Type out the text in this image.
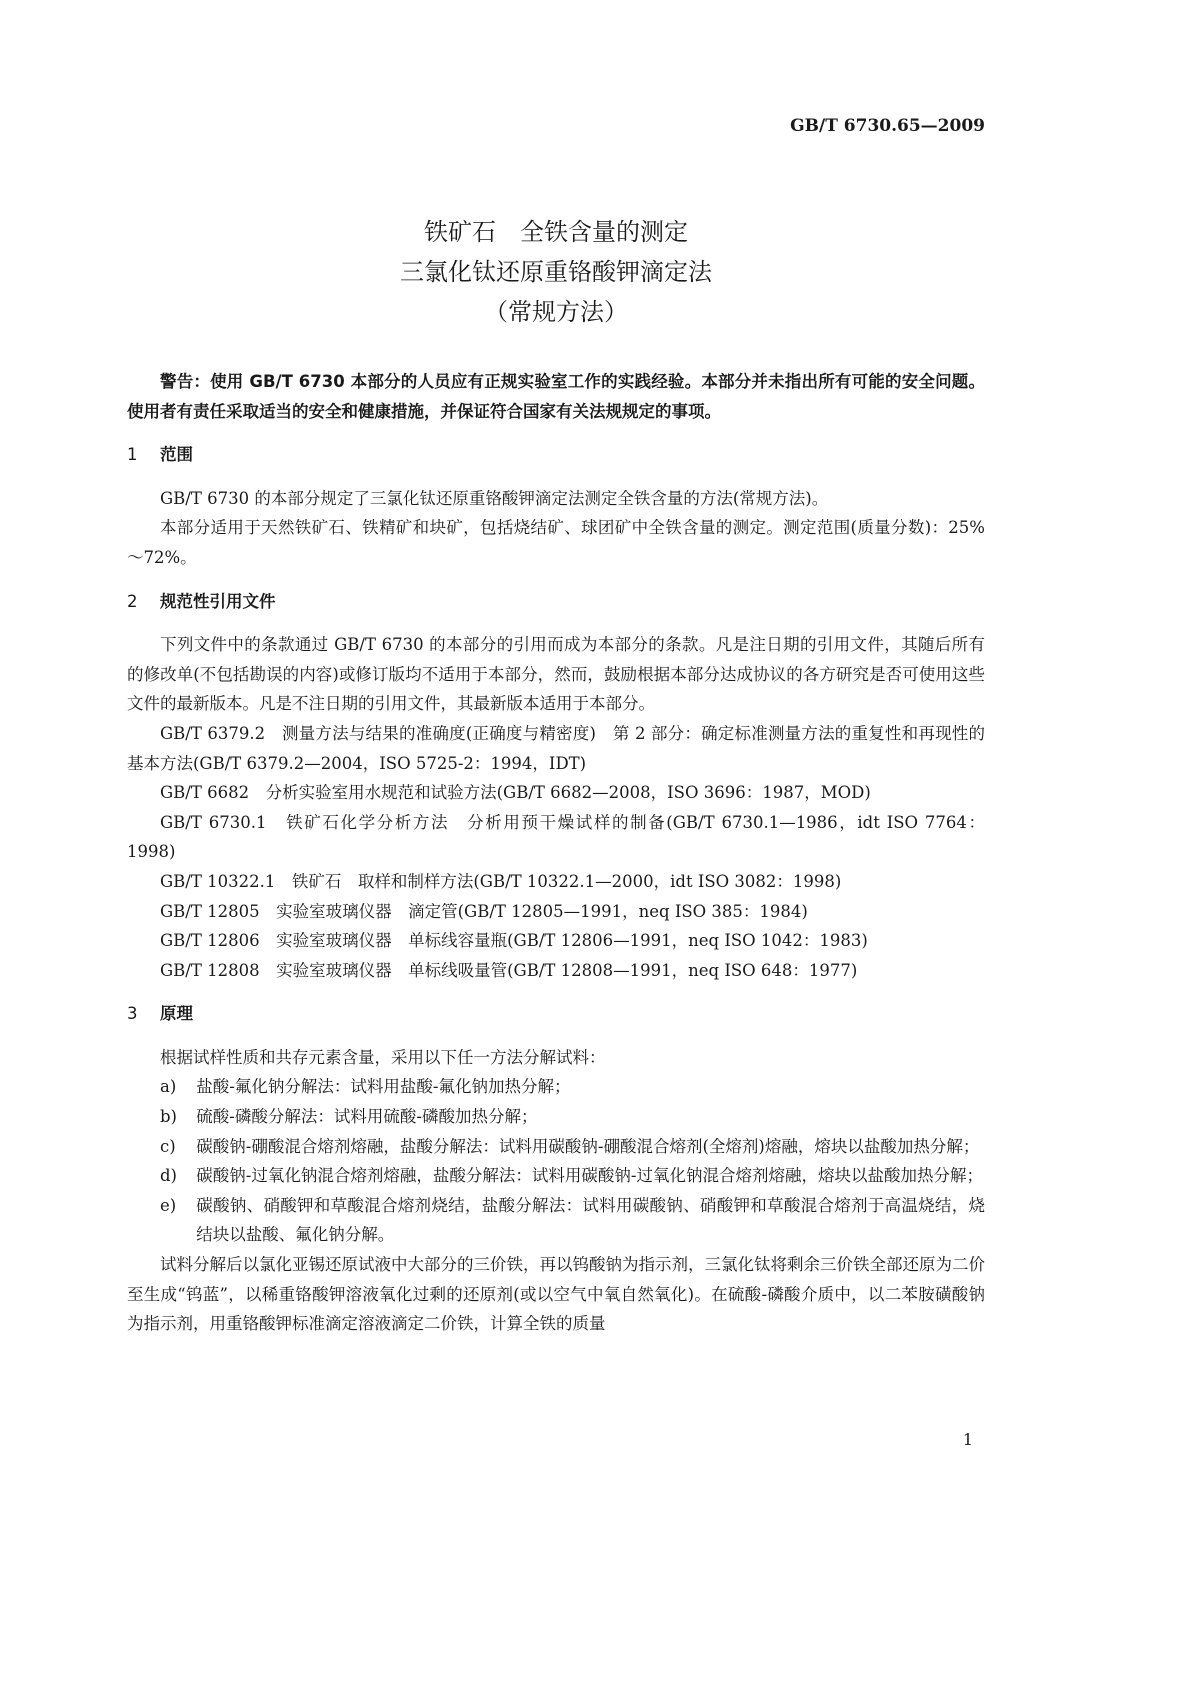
GB/T 6730.65—2009
铁矿石　全铁含量的测定
三氯化钛还原重铬酸钾滴定法
（常规方法）

警告：使用 GB/T 6730 本部分的人员应有正规实验室工作的实践经验。本部分并未指出所有可能的安全问题。使用者有责任采取适当的安全和健康措施，并保证符合国家有关法规规定的事项。

1 范围

GB/T 6730 的本部分规定了三氯化钛还原重铬酸钾滴定法测定全铁含量的方法(常规方法)。

本部分适用于天然铁矿石、铁精矿和块矿，包括烧结矿、球团矿中全铁含量的测定。测定范围(质量分数)：25%～72%。

2 规范性引用文件

下列文件中的条款通过 GB/T 6730 的本部分的引用而成为本部分的条款。凡是注日期的引用文件，其随后所有的修改单(不包括勘误的内容)或修订版均不适用于本部分，然而，鼓励根据本部分达成协议的各方研究是否可使用这些文件的最新版本。凡是不注日期的引用文件，其最新版本适用于本部分。

GB/T 6379.2　测量方法与结果的准确度(正确度与精密度)　第 2 部分：确定标准测量方法的重复性和再现性的基本方法(GB/T 6379.2—2004，ISO 5725-2：1994，IDT)

GB/T 6682　分析实验室用水规范和试验方法(GB/T 6682—2008，ISO 3696：1987，MOD)

GB/T 6730.1　铁矿石化学分析方法　分析用预干燥试样的制备(GB/T 6730.1—1986，idt ISO 7764：1998)

GB/T 10322.1　铁矿石　取样和制样方法(GB/T 10322.1—2000，idt ISO 3082：1998)

GB/T 12805　实验室玻璃仪器　滴定管(GB/T 12805—1991，neq ISO 385：1984)

GB/T 12806　实验室玻璃仪器　单标线容量瓶(GB/T 12806—1991，neq ISO 1042：1983)

GB/T 12808　实验室玻璃仪器　单标线吸量管(GB/T 12808—1991，neq ISO 648：1977)

3 原理

根据试样性质和共存元素含量，采用以下任一方法分解试料：

a)	盐酸-氟化钠分解法：试料用盐酸-氟化钠加热分解；
b)	硫酸-磷酸分解法：试料用硫酸-磷酸加热分解；
c)	碳酸钠-硼酸混合熔剂熔融，盐酸分解法：试料用碳酸钠-硼酸混合熔剂(全熔剂)熔融，熔块以盐酸加热分解；
d)	碳酸钠-过氧化钠混合熔剂熔融，盐酸分解法：试料用碳酸钠-过氧化钠混合熔剂熔融，熔块以盐酸加热分解；
e)	碳酸钠、硝酸钾和草酸混合熔剂烧结，盐酸分解法：试料用碳酸钠、硝酸钾和草酸混合熔剂于高温烧结，烧结块以盐酸、氟化钠分解。

试料分解后以氯化亚锡还原试液中大部分的三价铁，再以钨酸钠为指示剂，三氯化钛将剩余三价铁全部还原为二价至生成“钨蓝”，以稀重铬酸钾溶液氧化过剩的还原剂(或以空气中氧自然氧化)。在硫酸-磷酸介质中，以二苯胺磺酸钠为指示剂，用重铬酸钾标准滴定溶液滴定二价铁，计算全铁的质量

1
